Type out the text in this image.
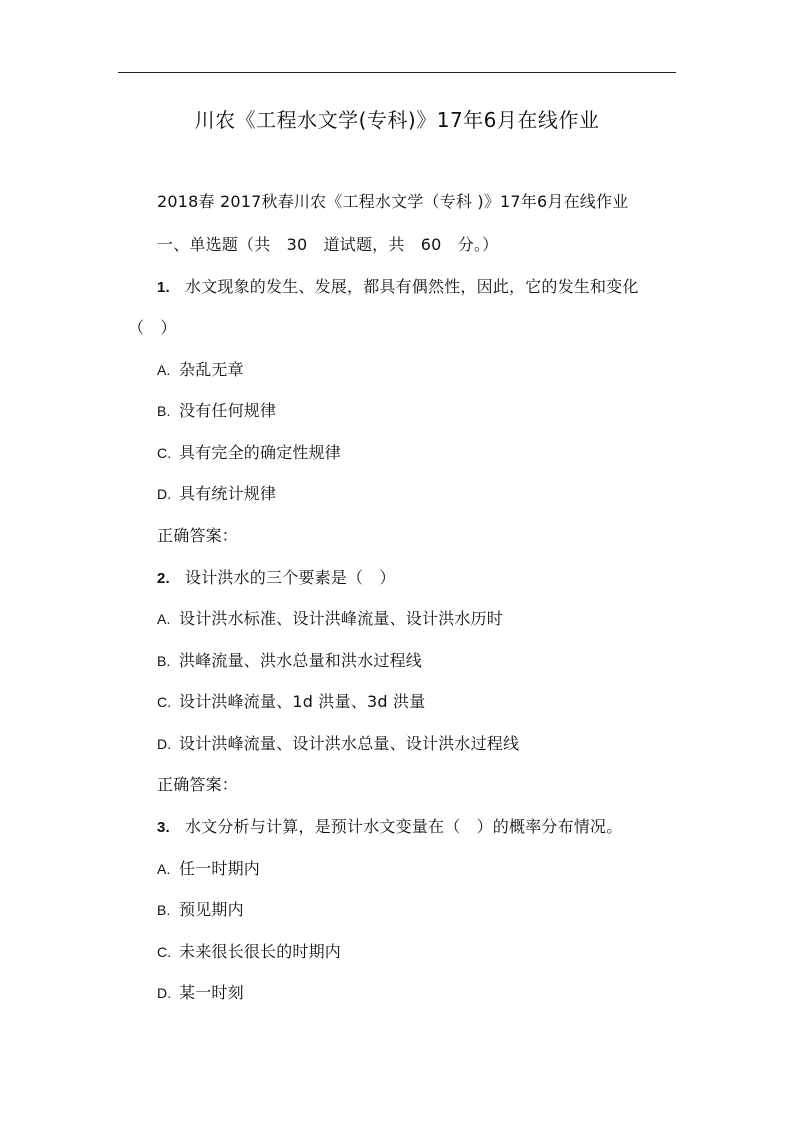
川农《工程水文学(专科)》17年6月在线作业
2018春 2017秋春川农《工程水文学（专科 )》17年6月在线作业
一、单选题（共　30　道试题，共　60　分。）
1. 水文现象的发生、发展，都具有偶然性，因此，它的发生和变化
（　）
A. 杂乱无章
B. 没有任何规律
C. 具有完全的确定性规律
D. 具有统计规律
正确答案：
2. 设计洪水的三个要素是（　）
A. 设计洪水标准、设计洪峰流量、设计洪水历时
B. 洪峰流量、洪水总量和洪水过程线
C. 设计洪峰流量、1d 洪量、3d 洪量
D. 设计洪峰流量、设计洪水总量、设计洪水过程线
正确答案：
3. 水文分析与计算，是预计水文变量在（　）的概率分布情况。
A. 任一时期内
B. 预见期内
C. 未来很长很长的时期内
D. 某一时刻
